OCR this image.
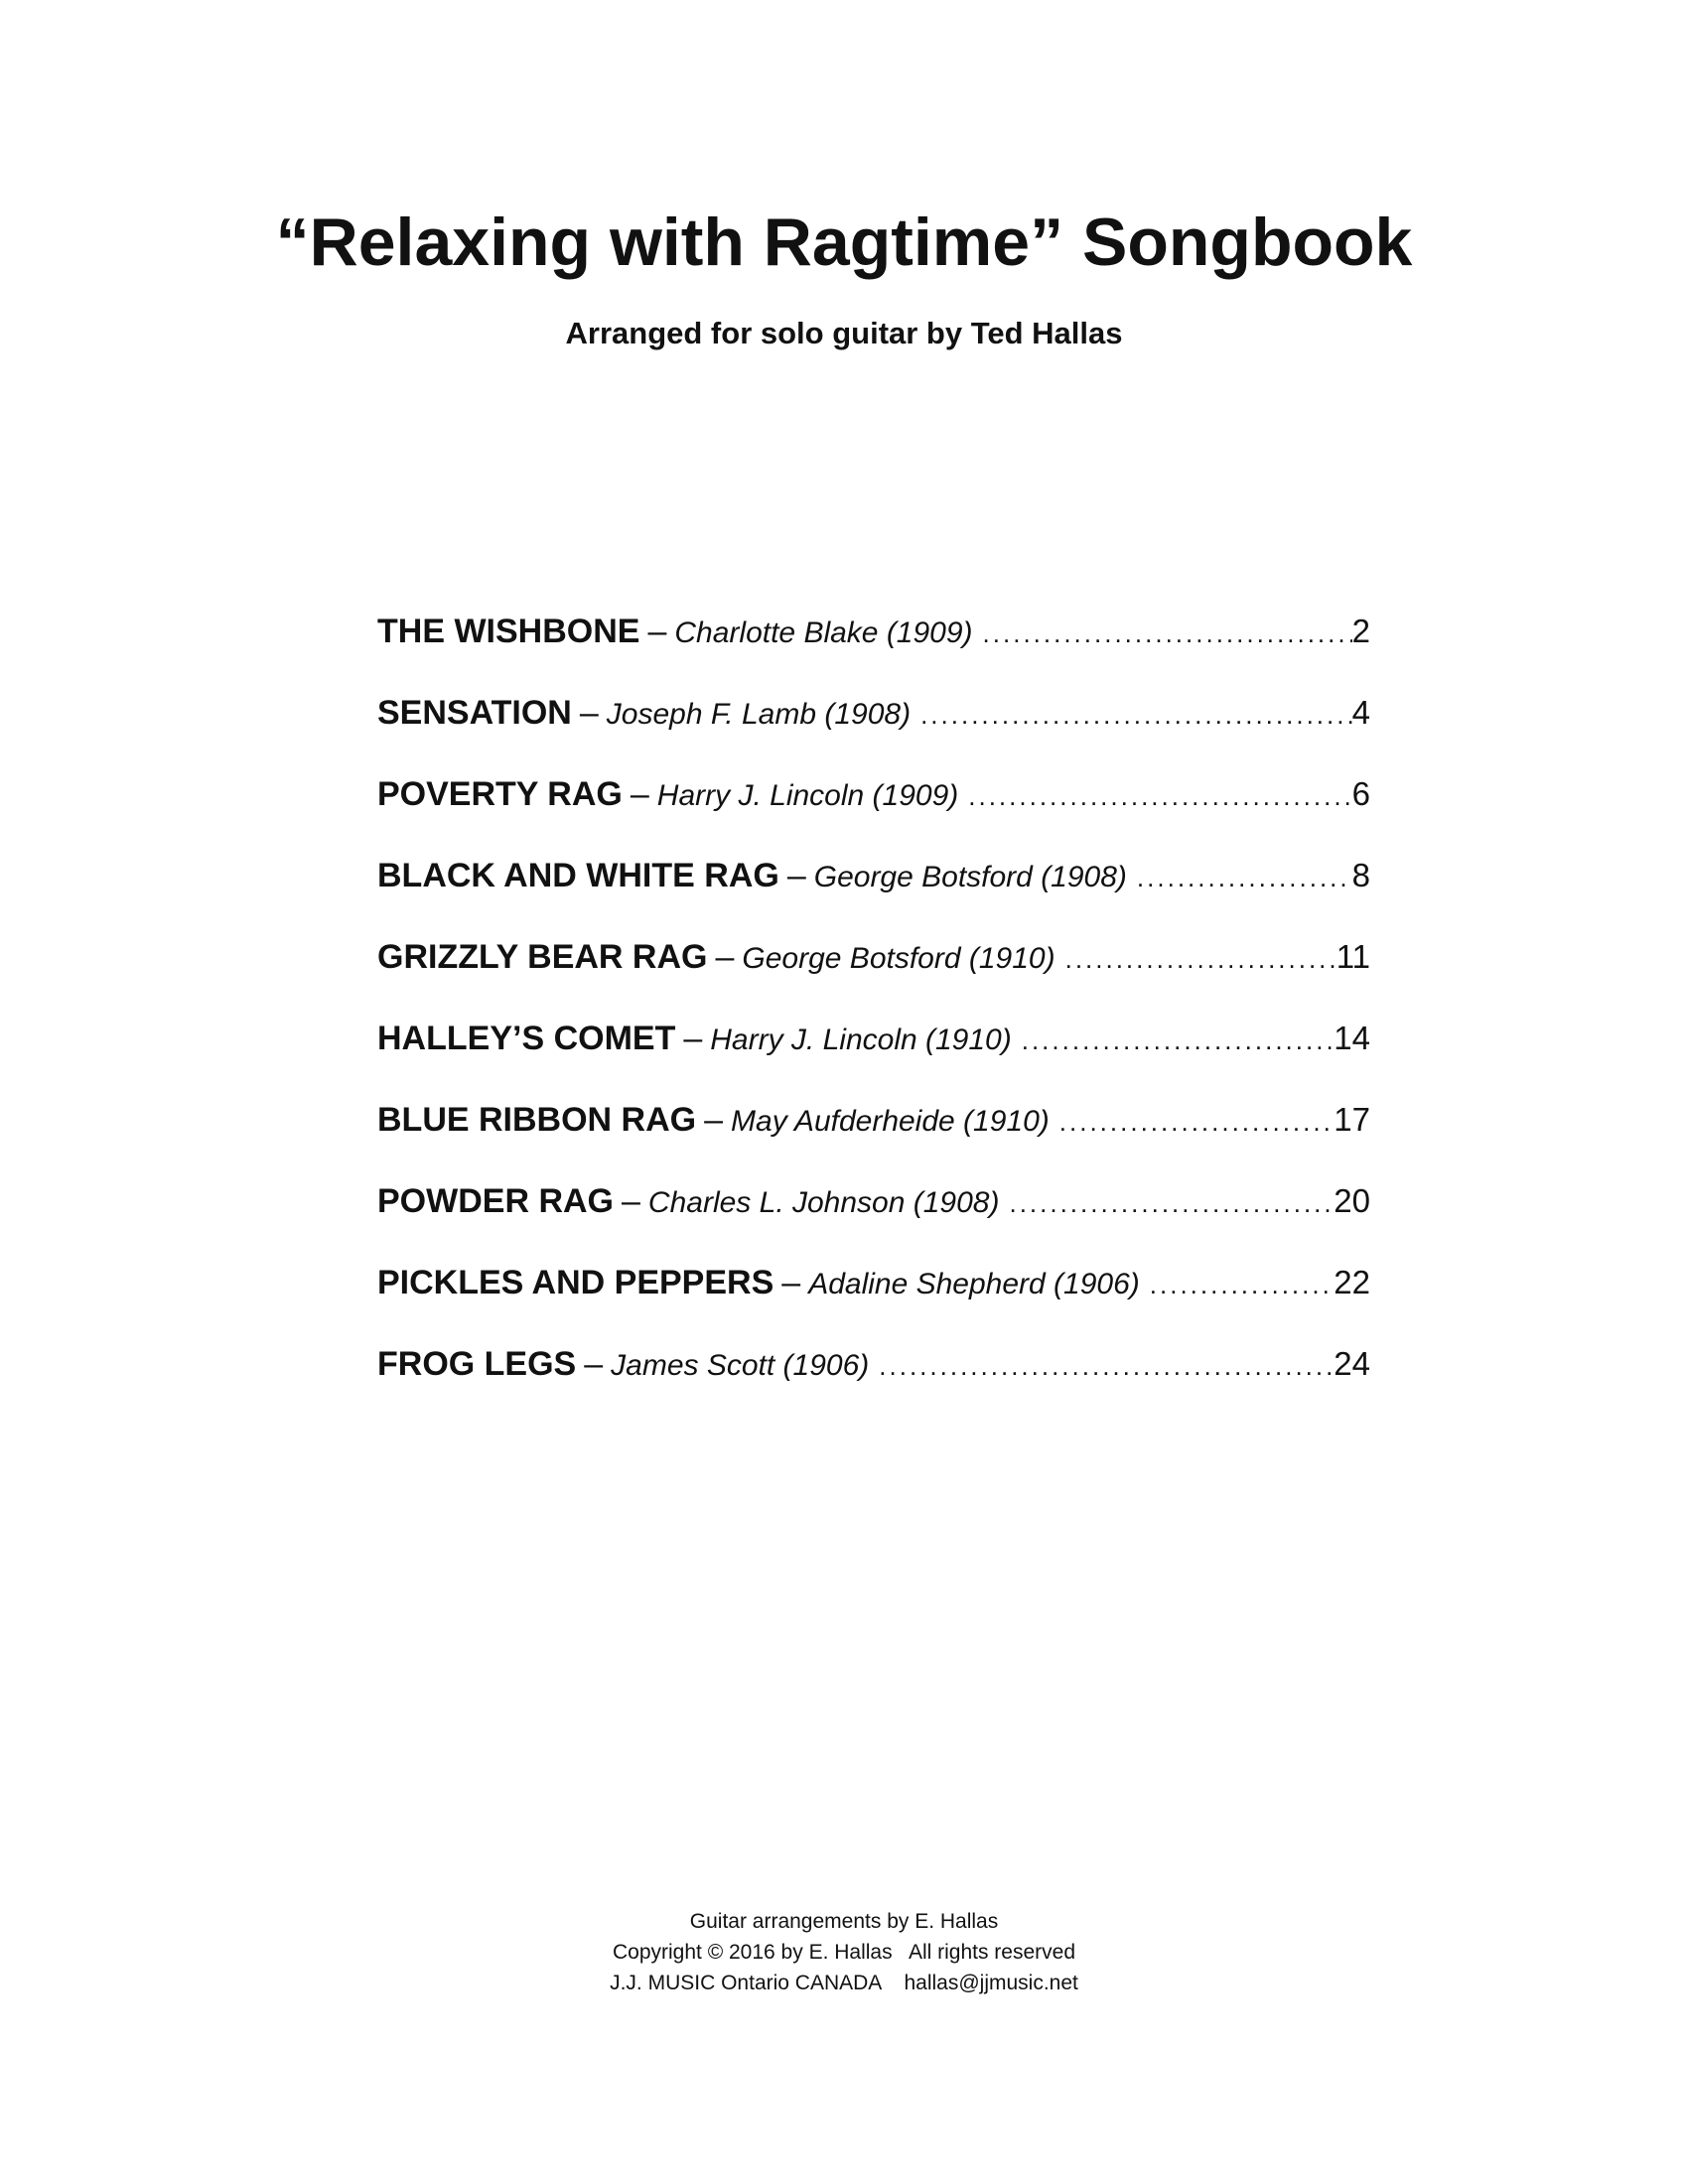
“Relaxing with Ragtime” Songbook
Arranged for solo guitar by Ted Hallas
THE WISHBONE – Charlotte Blake (1909) .....	2
SENSATION – Joseph F. Lamb (1908) .....	4
POVERTY RAG – Harry J. Lincoln (1909) .....	6
BLACK AND WHITE RAG – George Botsford (1908) .....	8
GRIZZLY BEAR RAG – George Botsford (1910) .....	11
HALLEY’S COMET – Harry J. Lincoln (1910) .....	14
BLUE RIBBON RAG – May Aufderheide (1910) .....	17
POWDER RAG – Charles L. Johnson (1908) .....	20
PICKLES AND PEPPERS – Adaline Shepherd (1906) .....	22
FROG LEGS – James Scott (1906) .....	24
Guitar arrangements by E. Hallas
Copyright © 2016 by E. Hallas   All rights reserved
J.J. MUSIC Ontario CANADA    hallas@jjmusic.net
